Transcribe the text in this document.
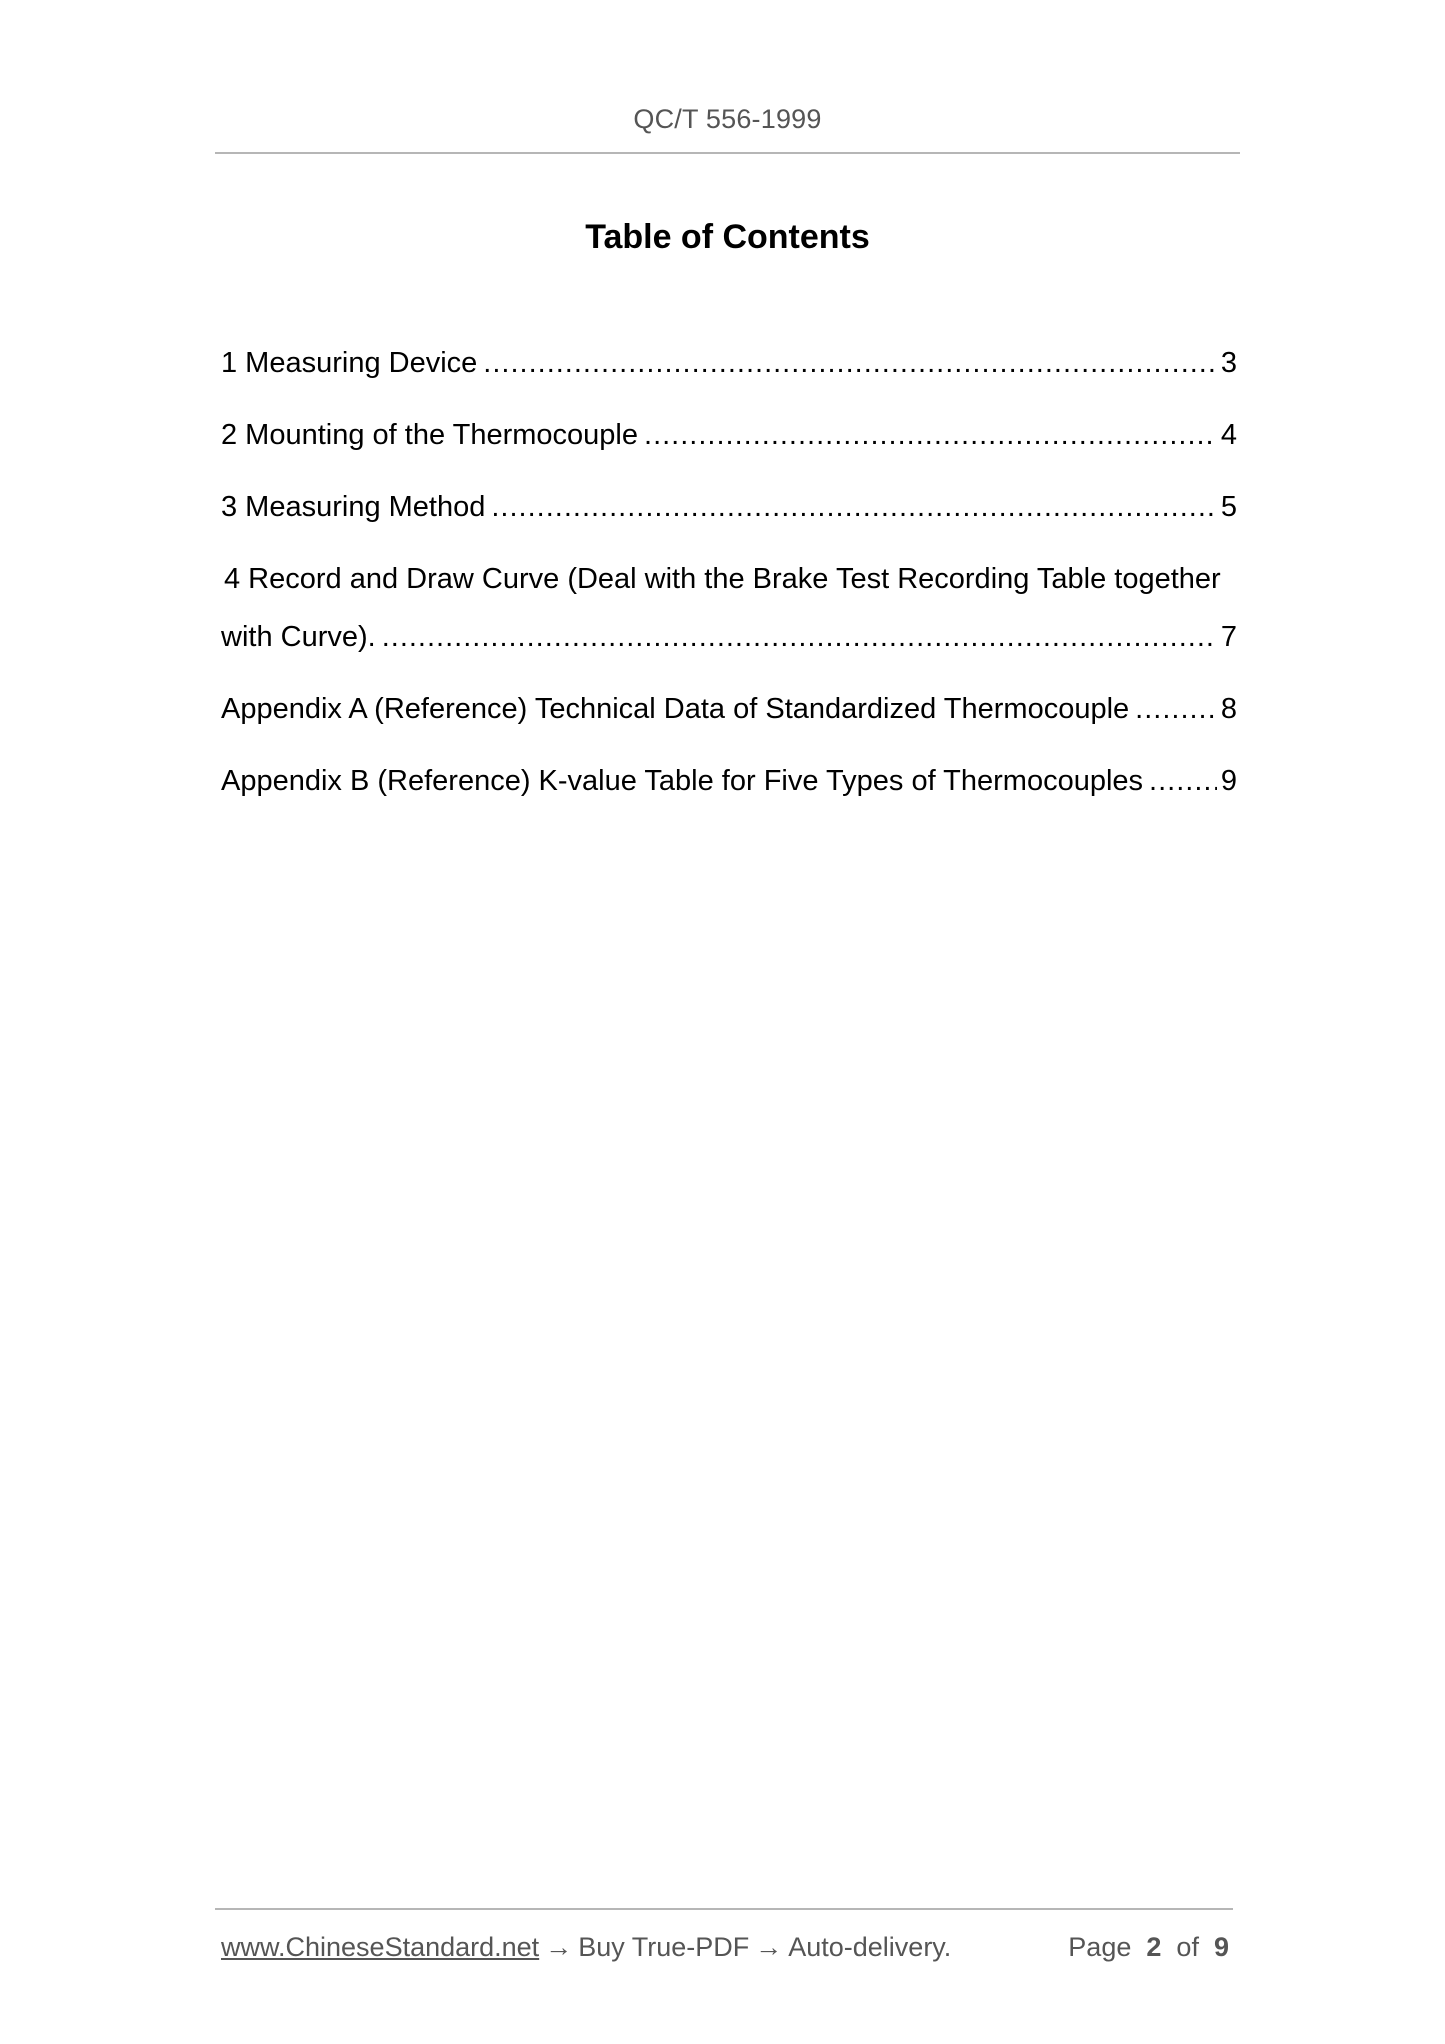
QC/T 556-1999
Table of Contents
1 Measuring Device .....	3
2 Mounting of the Thermocouple .....	4
3 Measuring Method .....	5
4 Record and Draw Curve (Deal with the Brake Test Recording Table together
with Curve). .....	7
Appendix A (Reference) Technical Data of Standardized Thermocouple .....	8
Appendix B (Reference) K-value Table for Five Types of Thermocouples .....	9
www.ChineseStandard.net → Buy True-PDF → Auto-delivery.	Page 2 of 9
